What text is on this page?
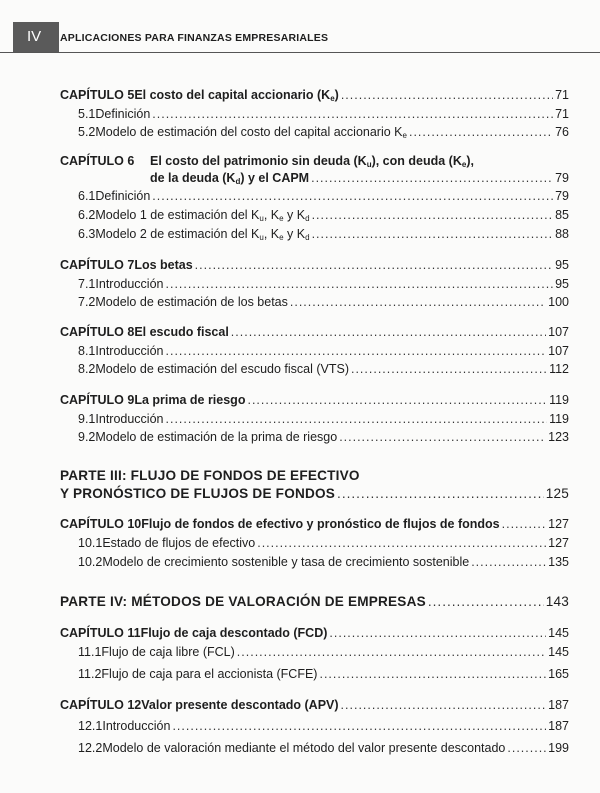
IV	APLICACIONES PARA FINANZAS EMPRESARIALES
CAPÍTULO 5 El costo del capital accionario $(K_e)$ .....	71
5.1 Definición .....	71
5.2 Modelo de estimación del costo del capital accionario $K_e$ .....	76
CAPÍTULO 6 El costo del patrimonio sin deuda $(K_u)$, con deuda $(K_e)$,
de la deuda $(K_d)$ y el CAPM .....	79
6.1 Definición .....	79
6.2 Modelo 1 de estimación del $K_u$, $K_e$ y $K_d$ .....	85
6.3 Modelo 2 de estimación del $K_u$, $K_e$ y $K_d$ .....	88
CAPÍTULO 7 Los betas .....	95
7.1 Introducción .....	95
7.2 Modelo de estimación de los betas .....	100
CAPÍTULO 8 El escudo fiscal .....	107
8.1 Introducción .....	107
8.2 Modelo de estimación del escudo fiscal (VTS) .....	112
CAPÍTULO 9 La prima de riesgo .....	119
9.1 Introducción .....	119
9.2 Modelo de estimación de la prima de riesgo .....	123
PARTE III: FLUJO DE FONDOS DE EFECTIVO
Y PRONÓSTICO DE FLUJOS DE FONDOS .....	125
CAPÍTULO 10 Flujo de fondos de efectivo y pronóstico de flujos de fondos .....	127
10.1 Estado de flujos de efectivo .....	127
10.2 Modelo de crecimiento sostenible y tasa de crecimiento sostenible .....	135
PARTE IV: MÉTODOS DE VALORACIÓN DE EMPRESAS .....	143
CAPÍTULO 11 Flujo de caja descontado (FCD) .....	145
11.1 Flujo de caja libre (FCL) .....	145
11.2 Flujo de caja para el accionista (FCFE) .....	165
CAPÍTULO 12 Valor presente descontado (APV) .....	187
12.1 Introducción .....	187
12.2 Modelo de valoración mediante el método del valor presente descontado .....	199
